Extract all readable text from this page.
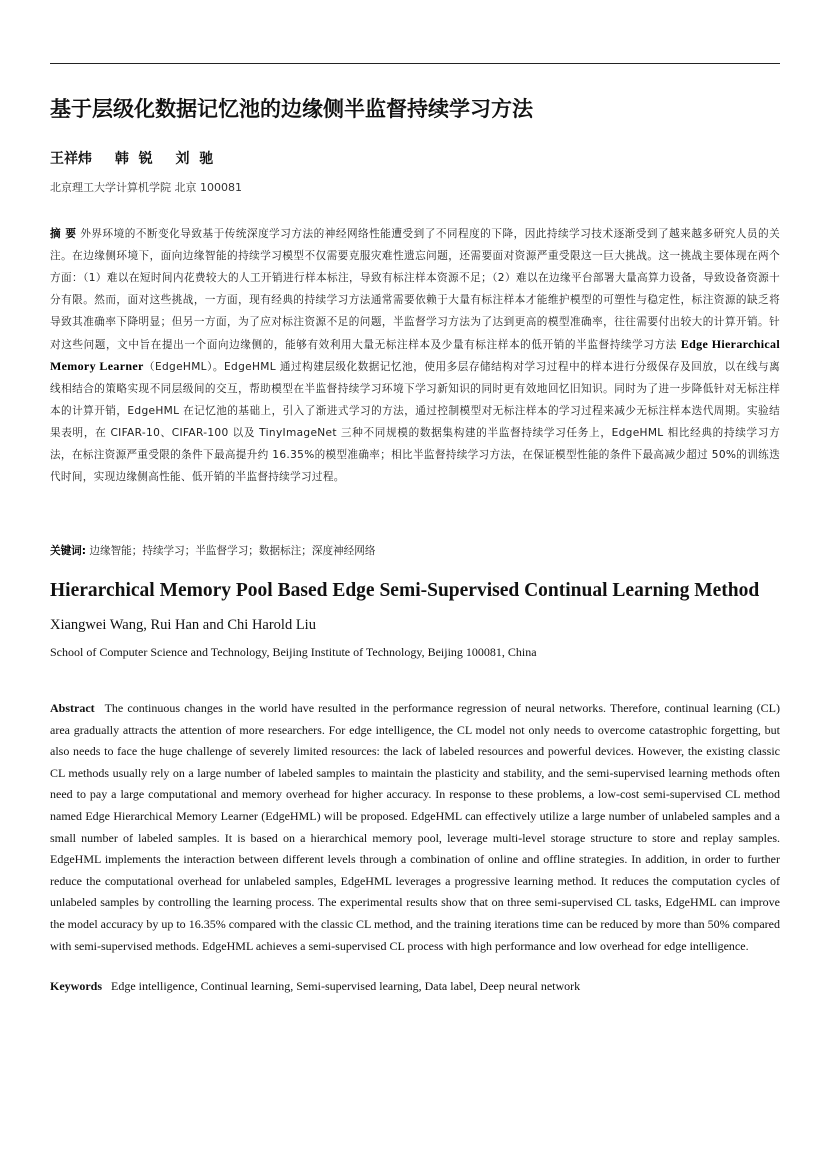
基于层级化数据记忆池的边缘侧半监督持续学习方法
王祥炜 韩  锐 刘  驰
北京理工大学计算机学院 北京 100081
摘 要 外界环境的不断变化导致基于传统深度学习方法的神经网络性能遭受到了不同程度的下降，因此持续学习技术逐渐受到了越来越多研究人员的关注。在边缘侧环境下，面向边缘智能的持续学习模型不仅需要克服灾难性遗忘问题，还需要面对资源严重受限这一巨大挑战。这一挑战主要体现在两个方面：（1）难以在短时间内花费较大的人工开销进行样本标注，导致有标注样本资源不足；（2）难以在边缘平台部署大量高算力设备，导致设备资源十分有限。然而，面对这些挑战，一方面，现有经典的持续学习方法通常需要依赖于大量有标注样本才能维护模型的可塑性与稳定性，标注资源的缺乏将导致其准确率下降明显；但另一方面，为了应对标注资源不足的问题，半监督学习方法为了达到更高的模型准确率，往往需要付出较大的计算开销。针对这些问题，文中旨在提出一个面向边缘侧的，能够有效利用大量无标注样本及少量有标注样本的低开销的半监督持续学习方法 Edge Hierarchical Memory Learner（EdgeHML）。EdgeHML 通过构建层级化数据记忆池，使用多层存储结构对学习过程中的样本进行分级保存及回放，以在线与离线相结合的策略实现不同层级间的交互，帮助模型在半监督持续学习环境下学习新知识的同时更有效地回忆旧知识。同时为了进一步降低针对无标注样本的计算开销，EdgeHML 在记忆池的基础上，引入了渐进式学习的方法，通过控制模型对无标注样本的学习过程来减少无标注样本迭代周期。实验结果表明，在 CIFAR-10、CIFAR-100 以及 TinyImageNet 三种不同规模的数据集构建的半监督持续学习任务上，EdgeHML 相比经典的持续学习方法，在标注资源严重受限的条件下最高提升约 16.35%的模型准确率；相比半监督持续学习方法，在保证模型性能的条件下最高减少超过 50%的训练迭代时间，实现边缘侧高性能、低开销的半监督持续学习过程。
关键词: 边缘智能；持续学习；半监督学习；数据标注；深度神经网络
Hierarchical Memory Pool Based Edge Semi-Supervised Continual Learning Method
Xiangwei Wang, Rui Han and Chi Harold Liu
School of Computer Science and Technology, Beijing Institute of Technology, Beijing 100081, China
Abstract The continuous changes in the world have resulted in the performance regression of neural networks. Therefore, continual learning (CL) area gradually attracts the attention of more researchers. For edge intelligence, the CL model not only needs to overcome catastrophic forgetting, but also needs to face the huge challenge of severely limited resources: the lack of labeled resources and powerful devices. However, the existing classic CL methods usually rely on a large number of labeled samples to maintain the plasticity and stability, and the semi-supervised learning methods often need to pay a large computational and memory overhead for higher accuracy. In response to these problems, a low-cost semi-supervised CL method named Edge Hierarchical Memory Learner (EdgeHML) will be proposed. EdgeHML can effectively utilize a large number of unlabeled samples and a small number of labeled samples. It is based on a hierarchical memory pool, leverage multi-level storage structure to store and replay samples. EdgeHML implements the interaction between different levels through a combination of online and offline strategies. In addition, in order to further reduce the computational overhead for unlabeled samples, EdgeHML leverages a progressive learning method. It reduces the computation cycles of unlabeled samples by controlling the learning process. The experimental results show that on three semi-supervised CL tasks, EdgeHML can improve the model accuracy by up to 16.35% compared with the classic CL method, and the training iterations time can be reduced by more than 50% compared with semi-supervised methods. EdgeHML achieves a semi-supervised CL process with high performance and low overhead for edge intelligence.
Keywords Edge intelligence, Continual learning, Semi-supervised learning, Data label, Deep neural network
